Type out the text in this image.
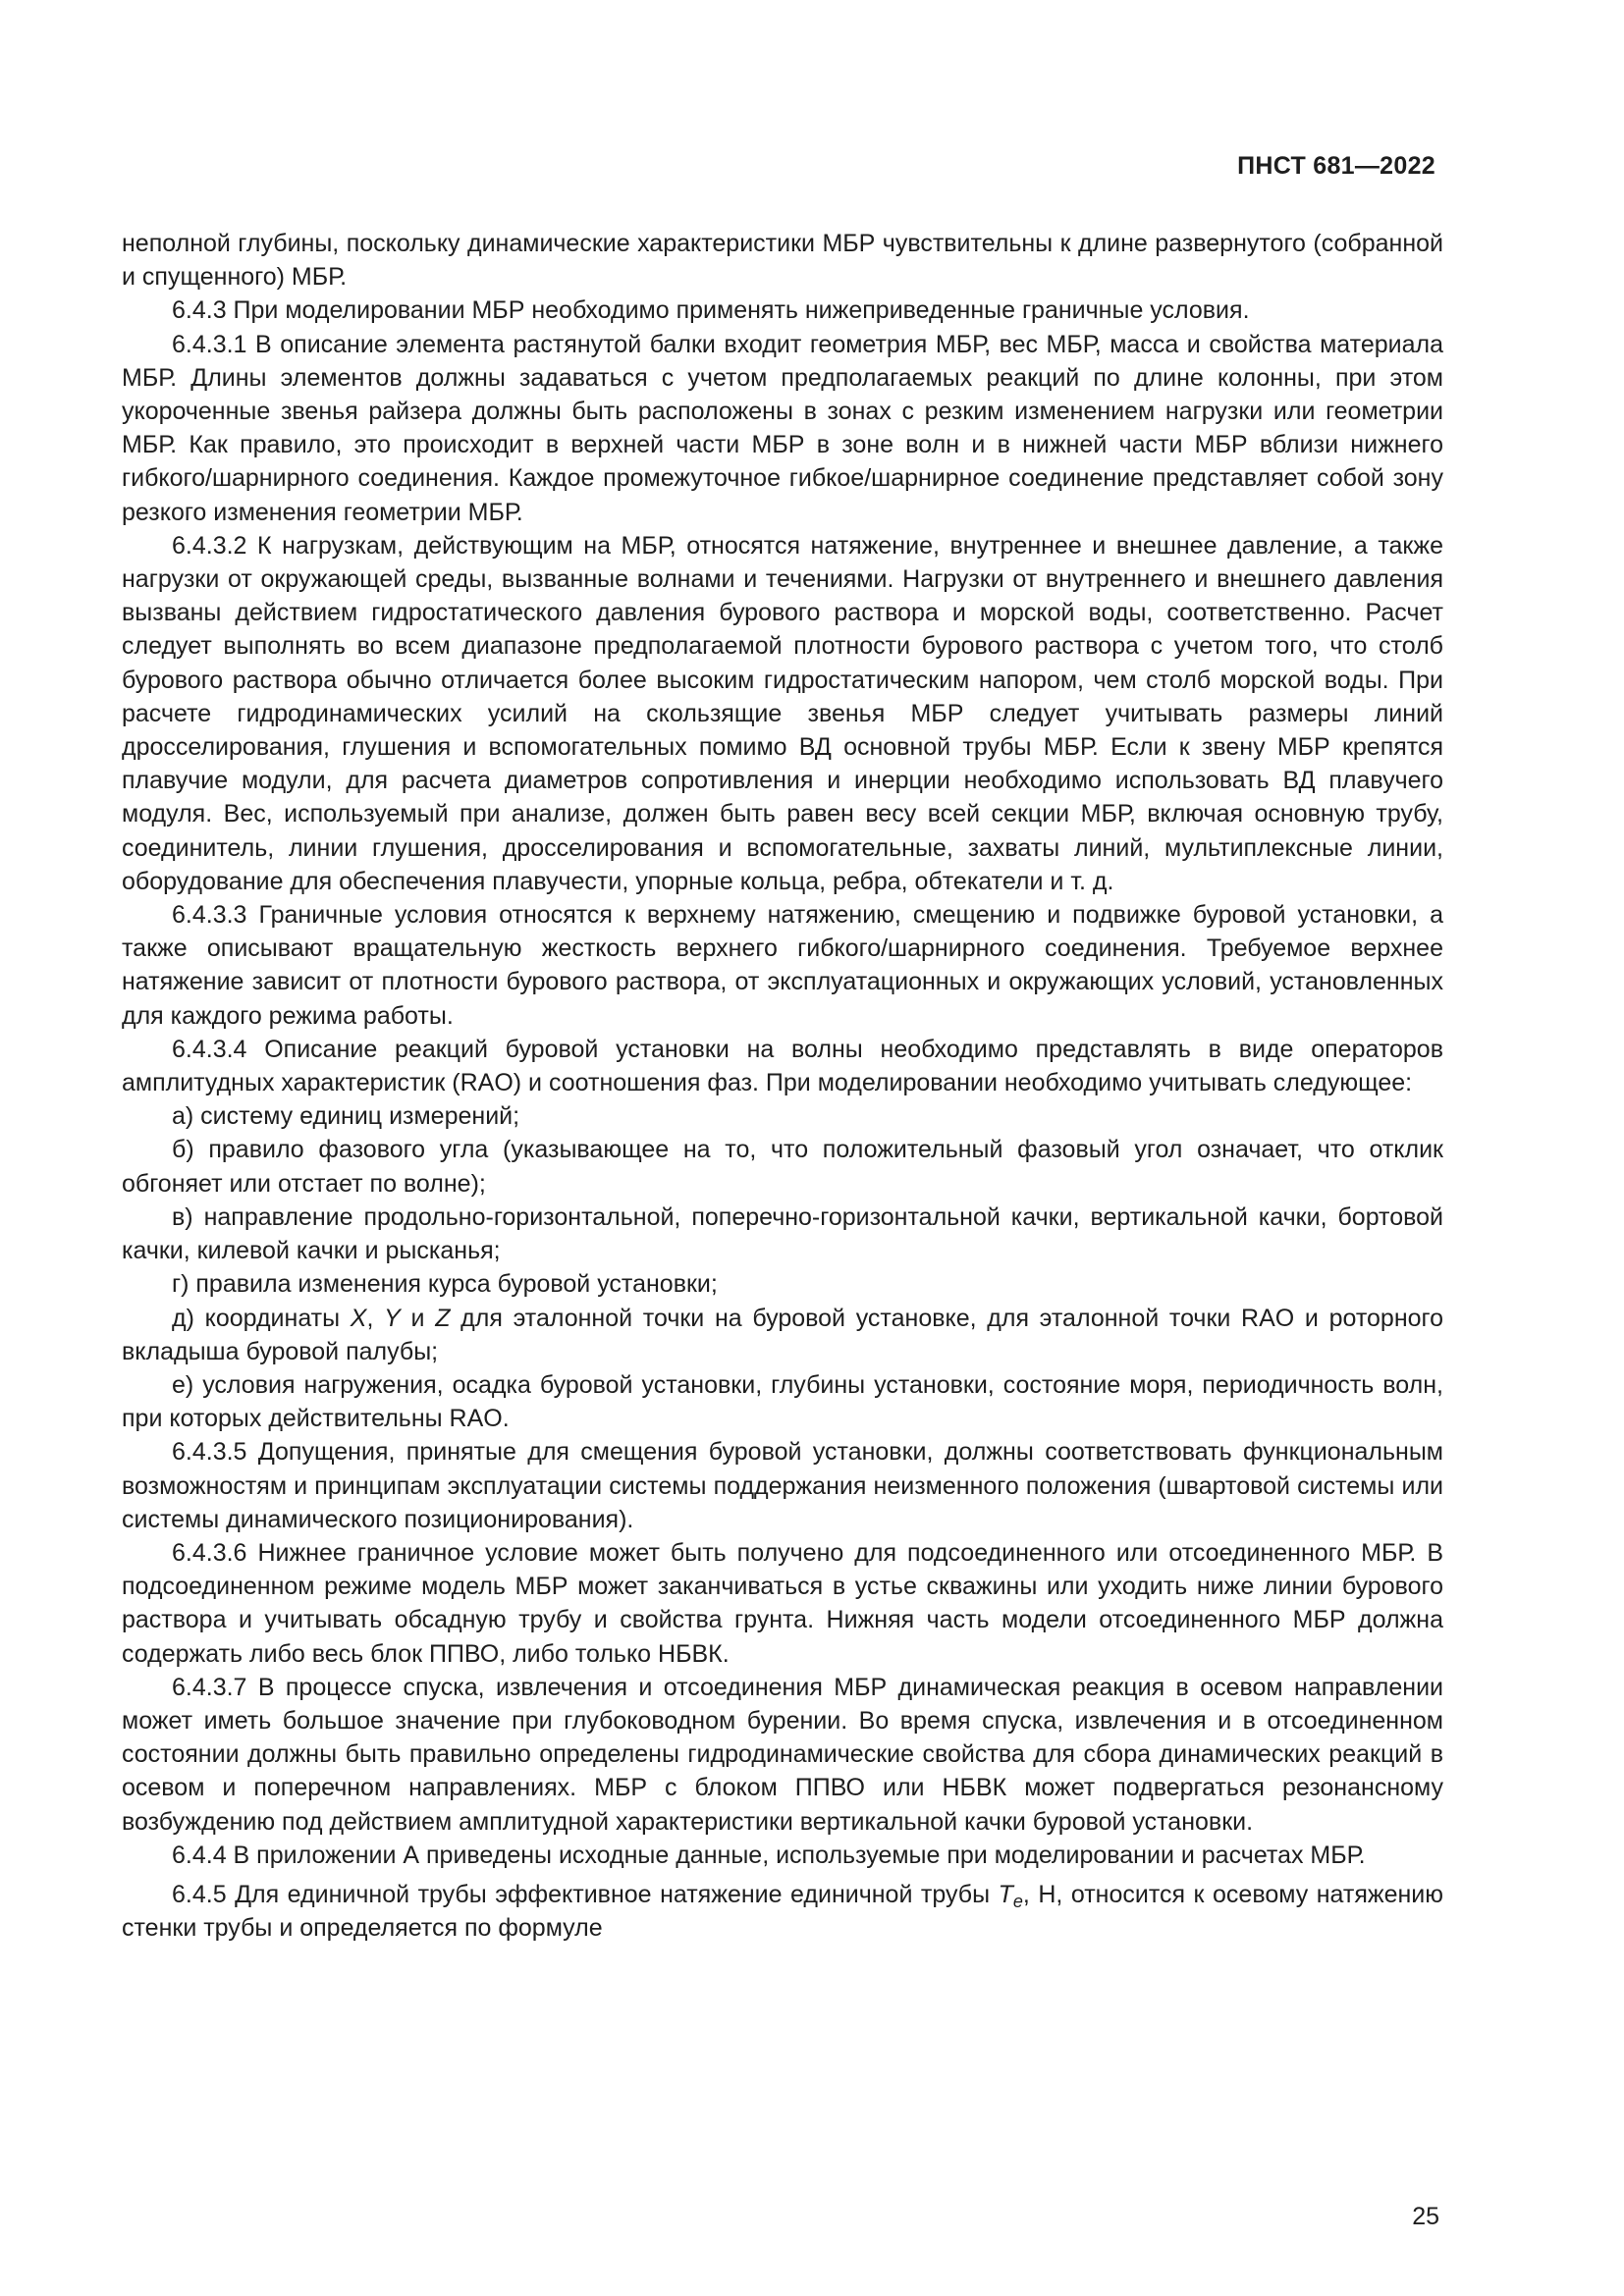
ПНСТ 681—2022

неполной глубины, поскольку динамические характеристики МБР чувствительны к длине развернутого (собранной и спущенного) МБР.

6.4.3 При моделировании МБР необходимо применять нижеприведенные граничные условия.

6.4.3.1 В описание элемента растянутой балки входит геометрия МБР, вес МБР, масса и свойства материала МБР. Длины элементов должны задаваться с учетом предполагаемых реакций по длине колонны, при этом укороченные звенья райзера должны быть расположены в зонах с резким изменением нагрузки или геометрии МБР. Как правило, это происходит в верхней части МБР в зоне волн и в нижней части МБР вблизи нижнего гибкого/шарнирного соединения. Каждое промежуточное гибкое/шарнирное соединение представляет собой зону резкого изменения геометрии МБР.

6.4.3.2 К нагрузкам, действующим на МБР, относятся натяжение, внутреннее и внешнее давление, а также нагрузки от окружающей среды, вызванные волнами и течениями. Нагрузки от внутреннего и внешнего давления вызваны действием гидростатического давления бурового раствора и морской воды, соответственно. Расчет следует выполнять во всем диапазоне предполагаемой плотности бурового раствора с учетом того, что столб бурового раствора обычно отличается более высоким гидростатическим напором, чем столб морской воды. При расчете гидродинамических усилий на скользящие звенья МБР следует учитывать размеры линий дросселирования, глушения и вспомогательных помимо ВД основной трубы МБР. Если к звену МБР крепятся плавучие модули, для расчета диаметров сопротивления и инерции необходимо использовать ВД плавучего модуля. Вес, используемый при анализе, должен быть равен весу всей секции МБР, включая основную трубу, соединитель, линии глушения, дросселирования и вспомогательные, захваты линий, мультиплексные линии, оборудование для обеспечения плавучести, упорные кольца, ребра, обтекатели и т. д.

6.4.3.3 Граничные условия относятся к верхнему натяжению, смещению и подвижке буровой установки, а также описывают вращательную жесткость верхнего гибкого/шарнирного соединения. Требуемое верхнее натяжение зависит от плотности бурового раствора, от эксплуатационных и окружающих условий, установленных для каждого режима работы.

6.4.3.4 Описание реакций буровой установки на волны необходимо представлять в виде операторов амплитудных характеристик (RAO) и соотношения фаз. При моделировании необходимо учитывать следующее:

а) систему единиц измерений;

б) правило фазового угла (указывающее на то, что положительный фазовый угол означает, что отклик обгоняет или отстает по волне);

в) направление продольно-горизонтальной, поперечно-горизонтальной качки, вертикальной качки, бортовой качки, килевой качки и рысканья;

г) правила изменения курса буровой установки;

д) координаты X, Y и Z для эталонной точки на буровой установке, для эталонной точки RAO и роторного вкладыша буровой палубы;

е) условия нагружения, осадка буровой установки, глубины установки, состояние моря, периодичность волн, при которых действительны RAO.

6.4.3.5 Допущения, принятые для смещения буровой установки, должны соответствовать функциональным возможностям и принципам эксплуатации системы поддержания неизменного положения (швартовой системы или системы динамического позиционирования).

6.4.3.6 Нижнее граничное условие может быть получено для подсоединенного или отсоединенного МБР. В подсоединенном режиме модель МБР может заканчиваться в устье скважины или уходить ниже линии бурового раствора и учитывать обсадную трубу и свойства грунта. Нижняя часть модели отсоединенного МБР должна содержать либо весь блок ППВО, либо только НБВК.

6.4.3.7 В процессе спуска, извлечения и отсоединения МБР динамическая реакция в осевом направлении может иметь большое значение при глубоководном бурении. Во время спуска, извлечения и в отсоединенном состоянии должны быть правильно определены гидродинамические свойства для сбора динамических реакций в осевом и поперечном направлениях. МБР с блоком ППВО или НБВК может подвергаться резонансному возбуждению под действием амплитудной характеристики вертикальной качки буровой установки.

6.4.4 В приложении А приведены исходные данные, используемые при моделировании и расчетах МБР.

6.4.5 Для единичной трубы эффективное натяжение единичной трубы $T_e$, Н, относится к осевому натяжению стенки трубы и определяется по формуле

25
